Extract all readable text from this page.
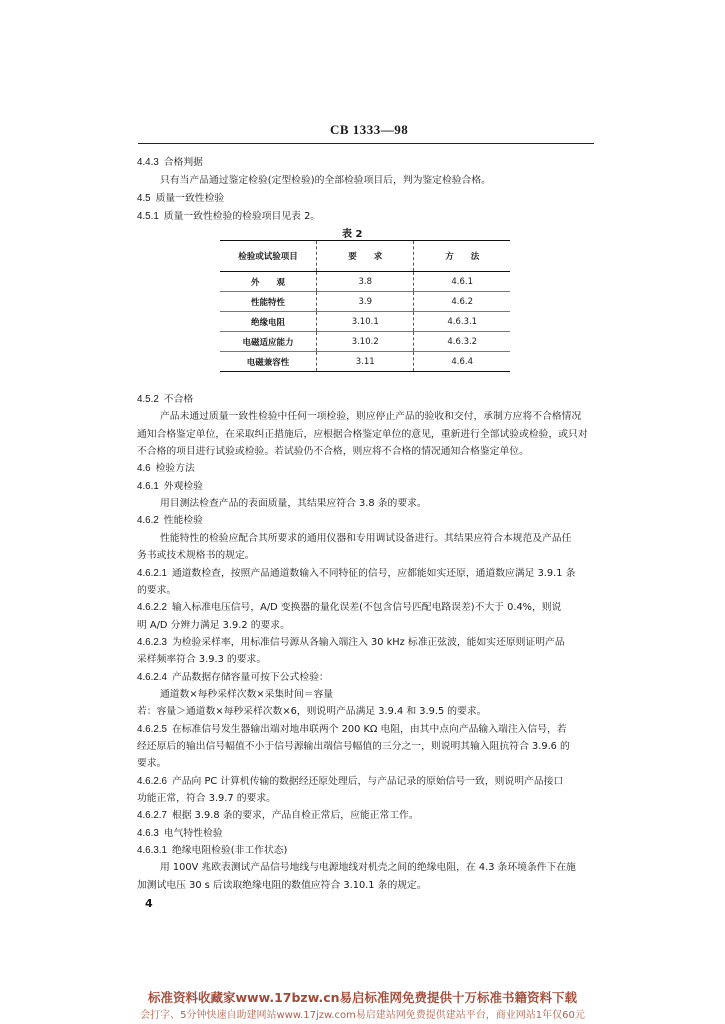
CB 1333—98
4.4.3 合格判据
只有当产品通过鉴定检验(定型检验)的全部检验项目后，判为鉴定检验合格。
4.5 质量一致性检验
4.5.1 质量一致性检验的检验项目见表 2。
表 2
检验或试验项目	要　　求	方　　法
外　　观	3.8	4.6.1
性能特性	3.9	4.6.2
绝缘电阻	3.10.1	4.6.3.1
电磁适应能力	3.10.2	4.6.3.2
电磁兼容性	3.11	4.6.4
4.5.2 不合格
产品未通过质量一致性检验中任何一项检验，则应停止产品的验收和交付，承制方应将不合格情况
通知合格鉴定单位，在采取纠正措施后，应根据合格鉴定单位的意见，重新进行全部试验或检验，或只对
不合格的项目进行试验或检验。若试验仍不合格，则应将不合格的情况通知合格鉴定单位。
4.6 检验方法
4.6.1 外观检验
用目测法检查产品的表面质量，其结果应符合 3.8 条的要求。
4.6.2 性能检验
性能特性的检验应配合其所要求的通用仪器和专用调试设备进行。其结果应符合本规范及产品任
务书或技术规格书的规定。
4.6.2.1 通道数检查，按照产品通道数输入不同特征的信号，应都能如实还原，通道数应满足 3.9.1 条
的要求。
4.6.2.2 输入标准电压信号，A/D 变换器的量化误差(不包含信号匹配电路误差)不大于 0.4%，则说
明 A/D 分辨力满足 3.9.2 的要求。
4.6.2.3 为检验采样率，用标准信号源从各输入端注入 30 kHz 标准正弦波，能如实还原则证明产品
采样频率符合 3.9.3 的要求。
4.6.2.4 产品数据存储容量可按下公式检验：
通道数×每秒采样次数×采集时间＝容量
若：容量＞通道数×每秒采样次数×6，则说明产品满足 3.9.4 和 3.9.5 的要求。
4.6.2.5 在标准信号发生器输出端对地串联两个 200 KΩ 电阻，由其中点向产品输入端注入信号，若
经还原后的输出信号幅值不小于信号源输出端信号幅值的三分之一，则说明其输入阻抗符合 3.9.6 的
要求。
4.6.2.6 产品向 PC 计算机传输的数据经还原处理后，与产品记录的原始信号一致，则说明产品接口
功能正常，符合 3.9.7 的要求。
4.6.2.7 根据 3.9.8 条的要求，产品自检正常后，应能正常工作。
4.6.3 电气特性检验
4.6.3.1 绝缘电阻检验(非工作状态)
用 100V 兆欧表测试产品信号地线与电源地线对机壳之间的绝缘电阻，在 4.3 条环境条件下在施
加测试电压 30 s 后读取绝缘电阻的数值应符合 3.10.1 条的规定。
4
标准资料收藏家www.17bzw.cn易启标准网免费提供十万标准书籍资料下载
会打字、5分钟快速自助建网站www.17jzw.com易启建站网免费提供建站平台，商业网站1年仅60元
